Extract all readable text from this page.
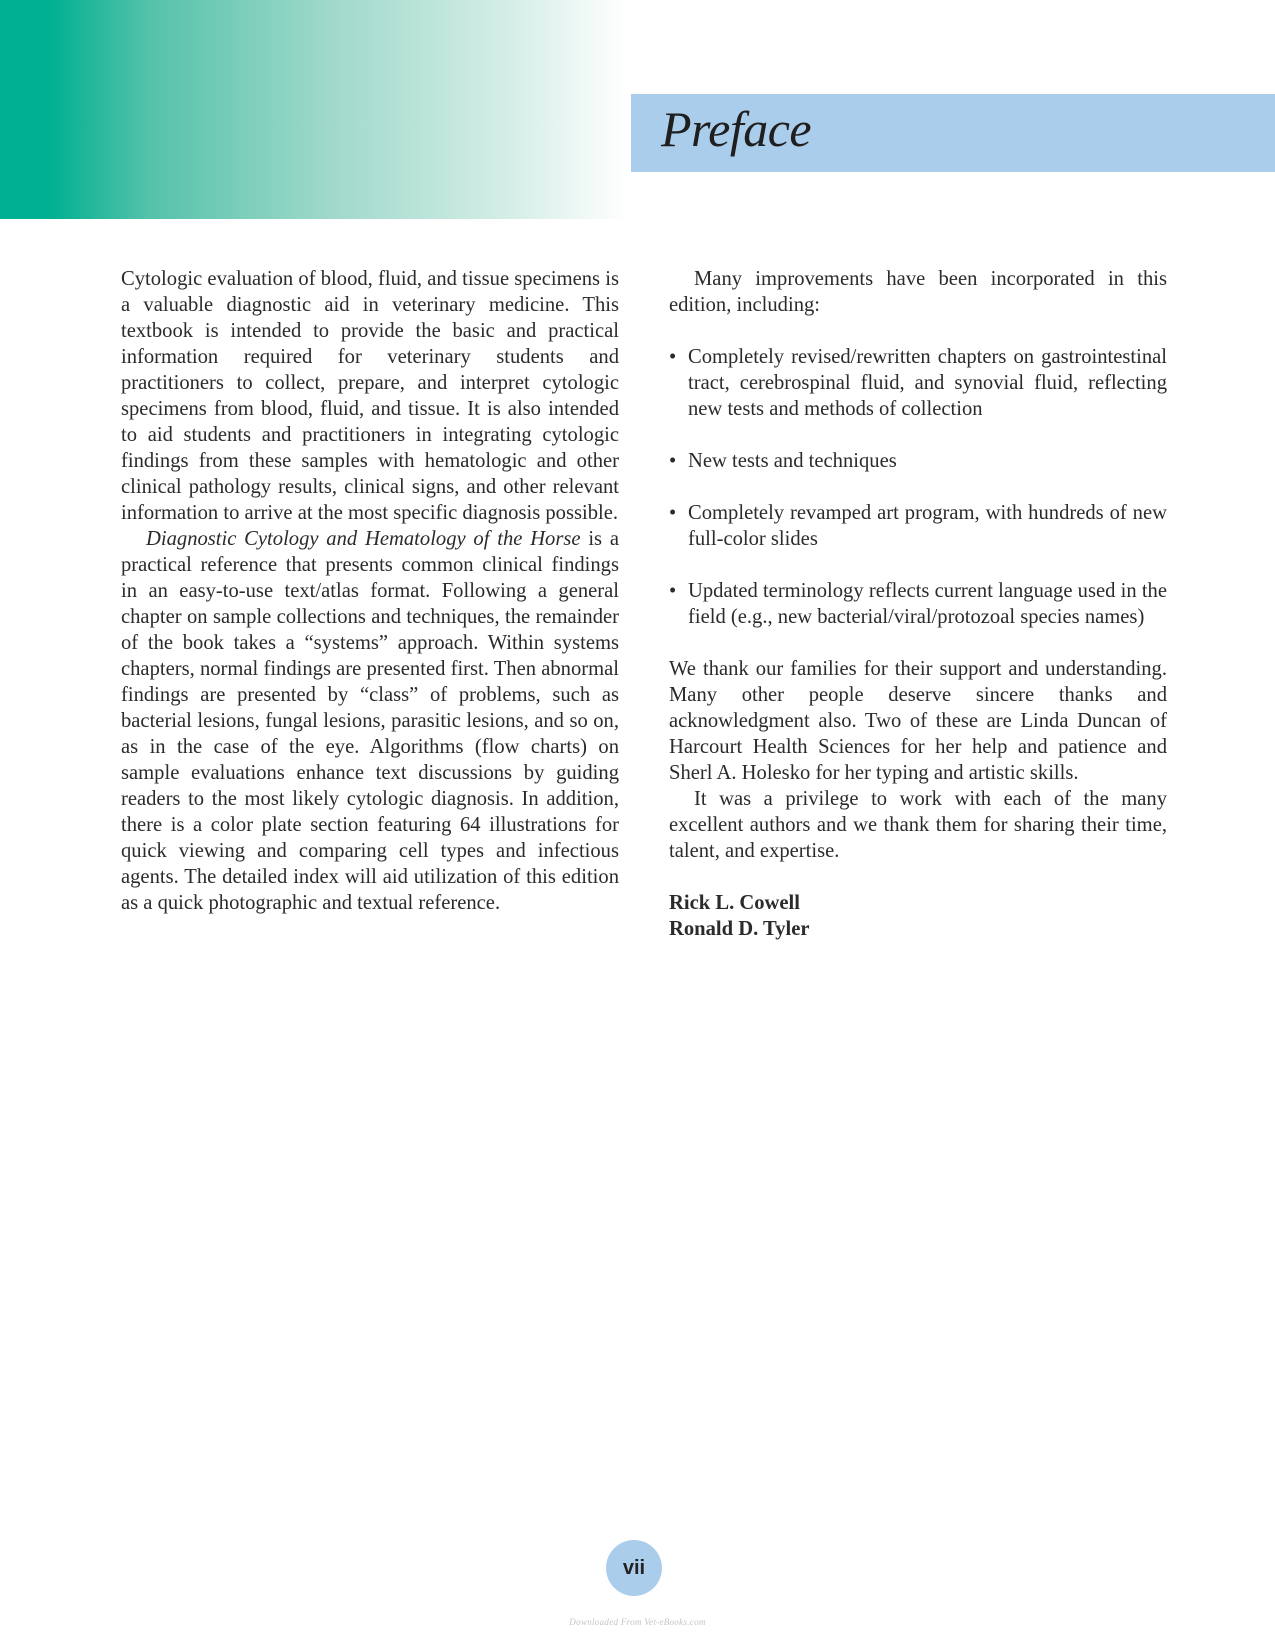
Preface

Cytologic evaluation of blood, fluid, and tissue specimens is a valuable diagnostic aid in veterinary medicine. This textbook is intended to provide the basic and practical information required for veterinary students and practitioners to collect, prepare, and interpret cytologic specimens from blood, fluid, and tissue. It is also intended to aid students and practitioners in integrating cytologic findings from these samples with hematologic and other clinical pathology results, clinical signs, and other relevant information to arrive at the most specific diagnosis possible.

Diagnostic Cytology and Hematology of the Horse is a practical reference that presents common clinical findings in an easy-to-use text/atlas format. Following a general chapter on sample collections and techniques, the remainder of the book takes a “systems” approach. Within systems chapters, normal findings are presented first. Then abnormal findings are presented by “class” of problems, such as bacterial lesions, fungal lesions, parasitic lesions, and so on, as in the case of the eye. Algorithms (flow charts) on sample evaluations enhance text discussions by guiding readers to the most likely cytologic diagnosis. In addition, there is a color plate section featuring 64 illustrations for quick viewing and comparing cell types and infectious agents. The detailed index will aid utilization of this edition as a quick photographic and textual reference.

Many improvements have been incorporated in this edition, including:

• Completely revised/rewritten chapters on gastrointestinal tract, cerebrospinal fluid, and synovial fluid, reflecting new tests and methods of collection
• New tests and techniques
• Completely revamped art program, with hundreds of new full-color slides
• Updated terminology reflects current language used in the field (e.g., new bacterial/viral/protozoal species names)

We thank our families for their support and understanding. Many other people deserve sincere thanks and acknowledgment also. Two of these are Linda Duncan of Harcourt Health Sciences for her help and patience and Sherl A. Holesko for her typing and artistic skills.

It was a privilege to work with each of the many excellent authors and we thank them for sharing their time, talent, and expertise.

Rick L. Cowell
Ronald D. Tyler
vii
Downloaded From Vet-eBooks.com
